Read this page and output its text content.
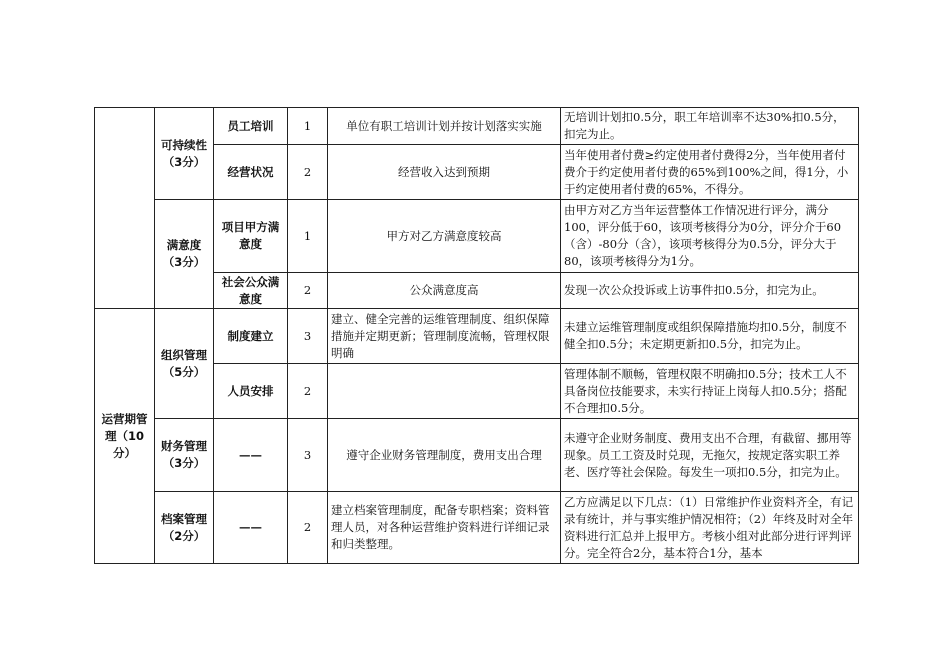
	可持续性（3分）	员工培训	1	单位有职工培训计划并按计划落实实施	无培训计划扣0.5分，职工年培训率不达30%扣0.5分，扣完为止。
		经营状况	2	经营收入达到预期	当年使用者付费≥约定使用者付费得2分，当年使用者付费介于约定使用者付费的65%到100%之间，得1分，小于约定使用者付费的65%，不得分。
	满意度（3分）	项目甲方满意度	1	甲方对乙方满意度较高	由甲方对乙方当年运营整体工作情况进行评分，满分100，评分低于60，该项考核得分为0分，评分介于60（含）-80分（含），该项考核得分为0.5分，评分大于80，该项考核得分为1分。
		社会公众满意度	2	公众满意度高	发现一次公众投诉或上访事件扣0.5分，扣完为止。
运营期管理（10分）	组织管理（5分）	制度建立	3	建立、健全完善的运维管理制度、组织保障措施并定期更新；管理制度流畅，管理权限明确	未建立运维管理制度或组织保障措施均扣0.5分，制度不健全扣0.5分；未定期更新扣0.5分，扣完为止。
		人员安排	2		管理体制不顺畅，管理权限不明确扣0.5分；技术工人不具备岗位技能要求，未实行持证上岗每人扣0.5分；搭配不合理扣0.5分。
	财务管理（3分）	——	3	遵守企业财务管理制度，费用支出合理	未遵守企业财务制度、费用支出不合理，有截留、挪用等现象。员工工资及时兑现，无拖欠，按规定落实职工养老、医疗等社会保险。每发生一项扣0.5分，扣完为止。
	档案管理（2分）	——	2	建立档案管理制度，配备专职档案；资料管理人员，对各种运营维护资料进行详细记录和归类整理。	乙方应满足以下几点：（1）日常维护作业资料齐全，有记录有统计，并与事实维护情况相符；（2）年终及时对全年资料进行汇总并上报甲方。考核小组对此部分进行评判评分。完全符合2分，基本符合1分，基本
